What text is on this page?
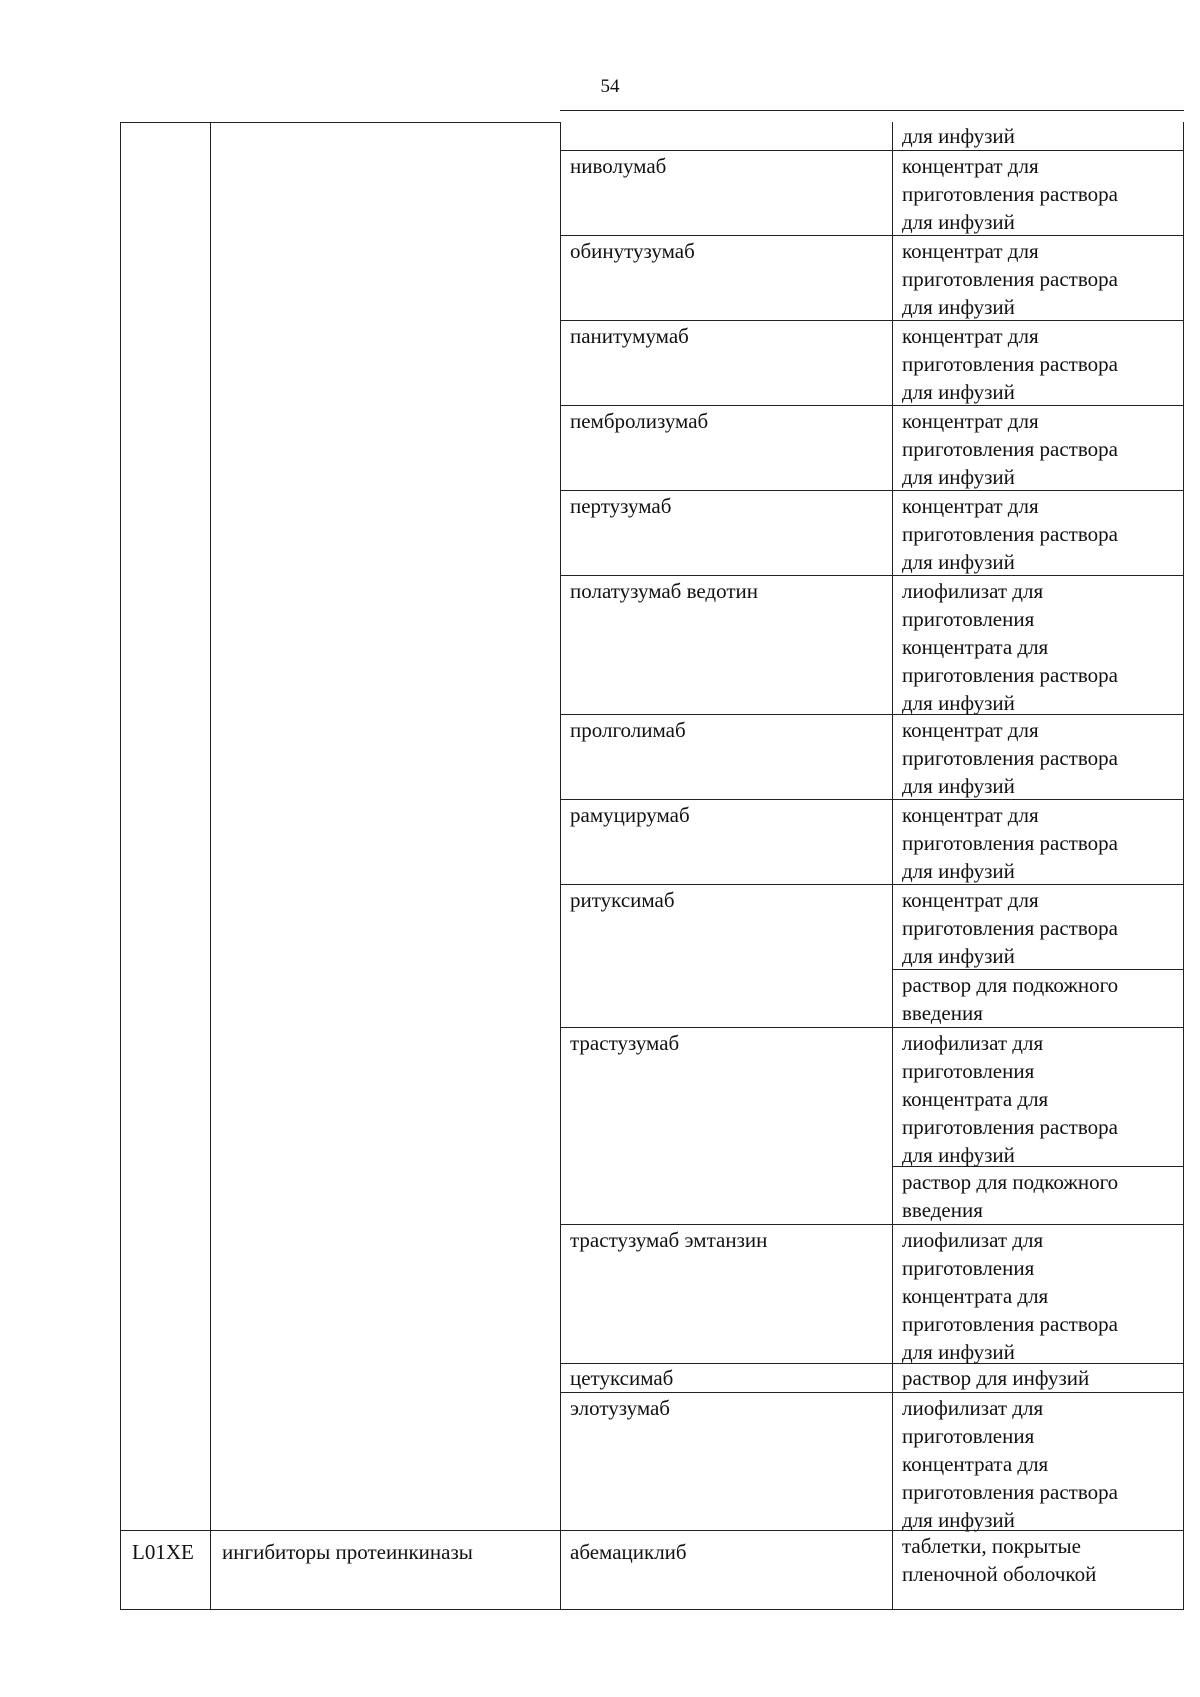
54
для инфузий
ниволумаб	концентрат для
приготовления раствора
для инфузий
обинутузумаб	концентрат для
приготовления раствора
для инфузий
панитумумаб	концентрат для
приготовления раствора
для инфузий
пембролизумаб	концентрат для
приготовления раствора
для инфузий
пертузумаб	концентрат для
приготовления раствора
для инфузий
полатузумаб ведотин	лиофилизат для
приготовления
концентрата для
приготовления раствора
для инфузий
пролголимаб	концентрат для
приготовления раствора
для инфузий
рамуцирумаб	концентрат для
приготовления раствора
для инфузий
ритуксимаб	концентрат для
приготовления раствора
для инфузий
раствор для подкожного
введения
трастузумаб	лиофилизат для
приготовления
концентрата для
приготовления раствора
для инфузий
раствор для подкожного
введения
трастузумаб эмтанзин	лиофилизат для
приготовления
концентрата для
приготовления раствора
для инфузий
цетуксимаб	раствор для инфузий
элотузумаб	лиофилизат для
приготовления
концентрата для
приготовления раствора
для инфузий
L01XE ингибиторы протеинкиназы	абемациклиб	таблетки, покрытые
пленочной оболочкой
